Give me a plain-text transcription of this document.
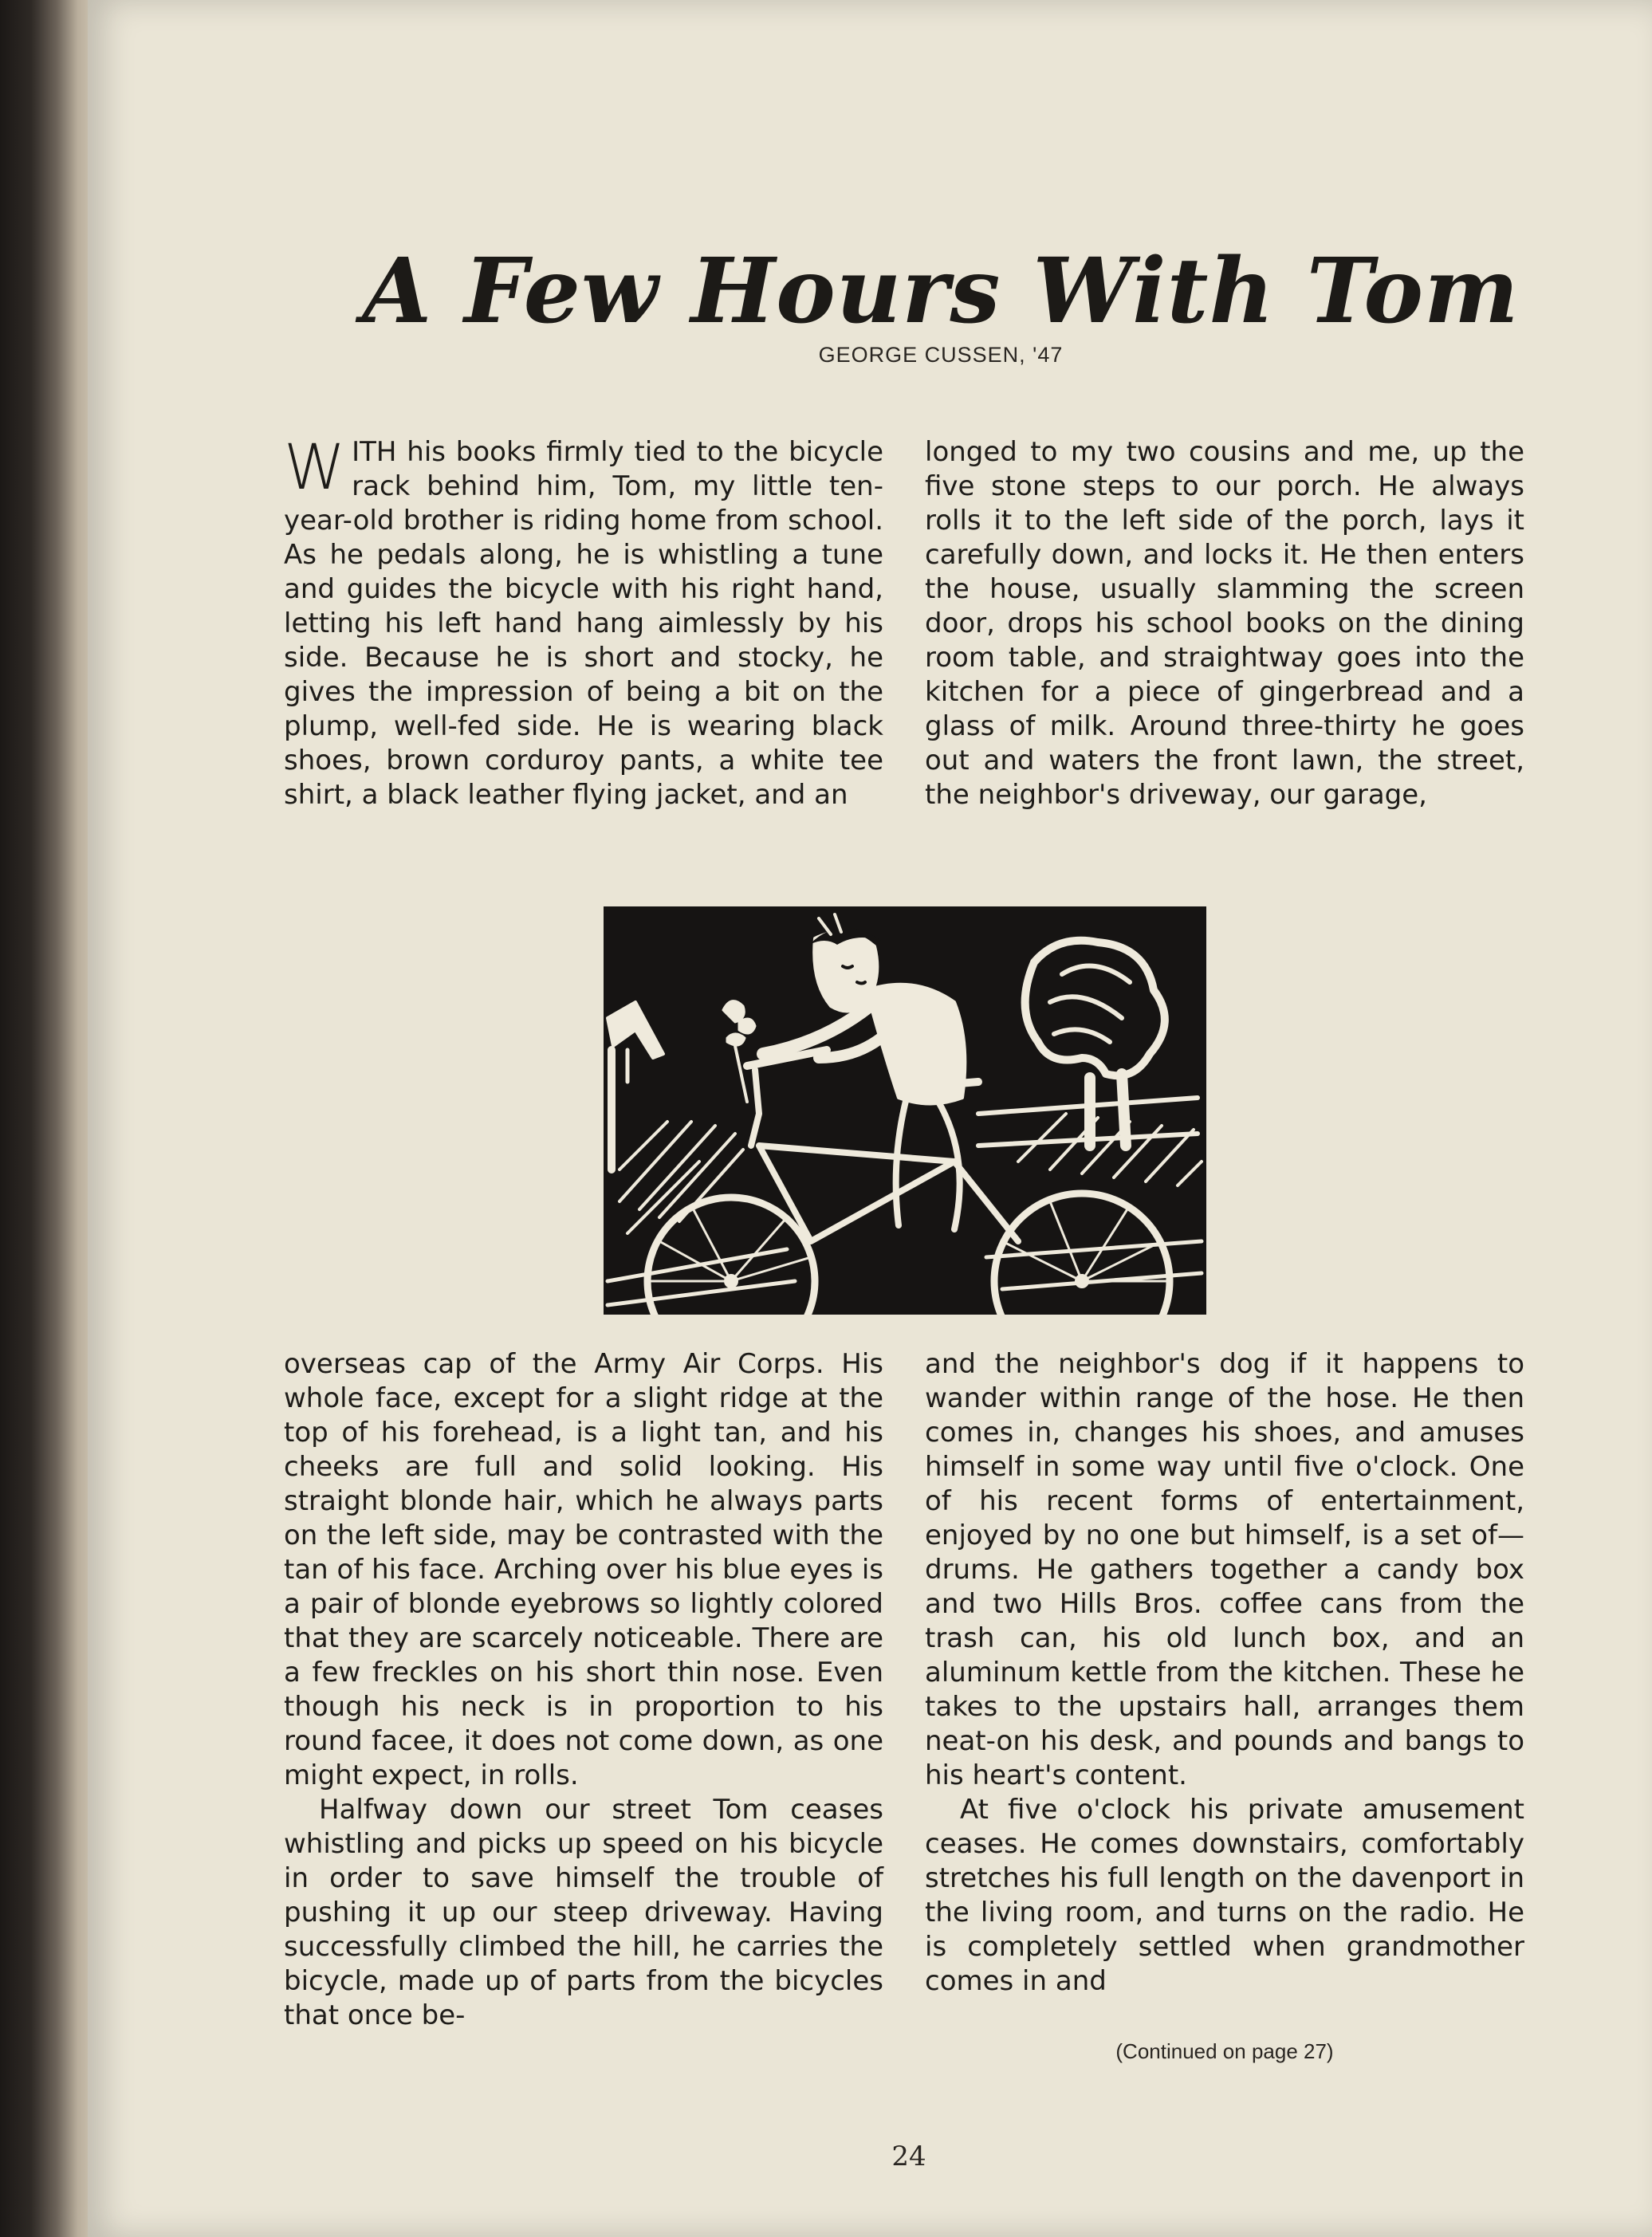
A Few Hours With Tom
GEORGE CUSSEN, '47

WITH his books firmly tied to the bicycle rack behind him, Tom, my little ten-year-old brother is riding home from school. As he pedals along, he is whistling a tune and guides the bicycle with his right hand, letting his left hand hang aimlessly by his side. Because he is short and stocky, he gives the impression of being a bit on the plump, well-fed side. He is wearing black shoes, brown corduroy pants, a white tee shirt, a black leather flying jacket, and an

longed to my two cousins and me, up the five stone steps to our porch. He always rolls it to the left side of the porch, lays it carefully down, and locks it. He then enters the house, usually slamming the screen door, drops his school books on the dining room table, and straightway goes into the kitchen for a piece of gingerbread and a glass of milk. Around three-thirty he goes out and waters the front lawn, the street, the neighbor's driveway, our garage,

overseas cap of the Army Air Corps. His whole face, except for a slight ridge at the top of his forehead, is a light tan, and his cheeks are full and solid looking. His straight blonde hair, which he always parts on the left side, may be contrasted with the tan of his face. Arching over his blue eyes is a pair of blonde eyebrows so lightly colored that they are scarcely noticeable. There are a few freckles on his short thin nose. Even though his neck is in proportion to his round facee, it does not come down, as one might expect, in rolls.

Halfway down our street Tom ceases whistling and picks up speed on his bicycle in order to save himself the trouble of pushing it up our steep driveway. Having successfully climbed the hill, he carries the bicycle, made up of parts from the bicycles that once be-

and the neighbor's dog if it happens to wander within range of the hose. He then comes in, changes his shoes, and amuses himself in some way until five o'clock. One of his recent forms of entertainment, enjoyed by no one but himself, is a set of—drums. He gathers together a candy box and two Hills Bros. coffee cans from the trash can, his old lunch box, and an aluminum kettle from the kitchen. These he takes to the upstairs hall, arranges them neat-on his desk, and pounds and bangs to his heart's content.

At five o'clock his private amusement ceases. He comes downstairs, comfortably stretches his full length on the davenport in the living room, and turns on the radio. He is completely settled when grandmother comes in and

(Continued on page 27)
24
